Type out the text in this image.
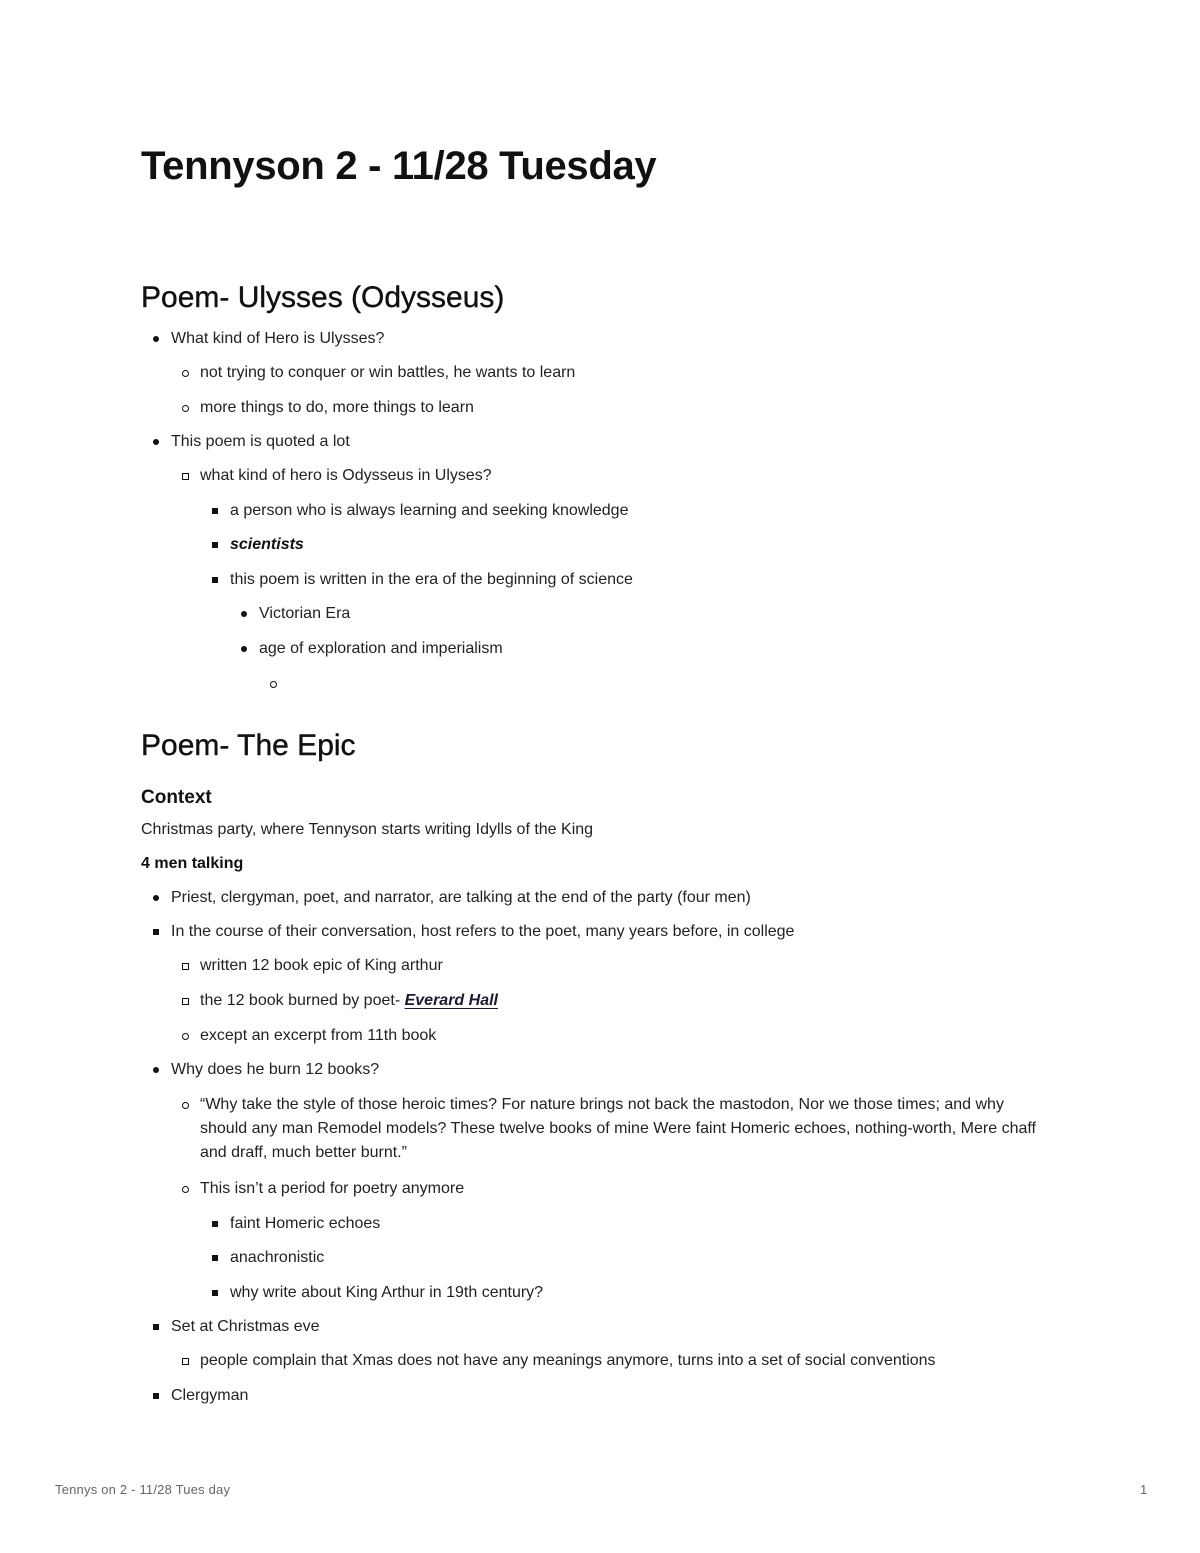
Tennyson 2 - 11/28 Tuesday
Poem- Ulysses (Odysseus)
What kind of Hero is Ulysses?
not trying to conquer or win battles, he wants to learn
more things to do, more things to learn
This poem is quoted a lot
what kind of hero is Odysseus in Ulyses?
a person who is always learning and seeking knowledge
scientists
this poem is written in the era of the beginning of science
Victorian Era
age of exploration and imperialism
Poem- The Epic
Context

Christmas party, where Tennyson starts writing Idylls of the King

4 men talking

Priest, clergyman, poet, and narrator, are talking at the end of the party (four men)
In the course of their conversation, host refers to the poet, many years before, in college
written 12 book epic of King arthur
the 12 book burned by poet- Everard Hall
except an excerpt from 11th book
Why does he burn 12 books?
“Why take the style of those heroic times? For nature brings not back the mastodon, Nor we those times; and why should any man Remodel models? These twelve books of mine Were faint Homeric echoes, nothing-worth, Mere chaff and draff, much better burnt.”
This isn’t a period for poetry anymore
faint Homeric echoes
anachronistic
why write about King Arthur in 19th century?
Set at Christmas eve
people complain that Xmas does not have any meanings anymore, turns into a set of social conventions
Clergyman
Tennys on 2 - 11/28 Tues day	1
